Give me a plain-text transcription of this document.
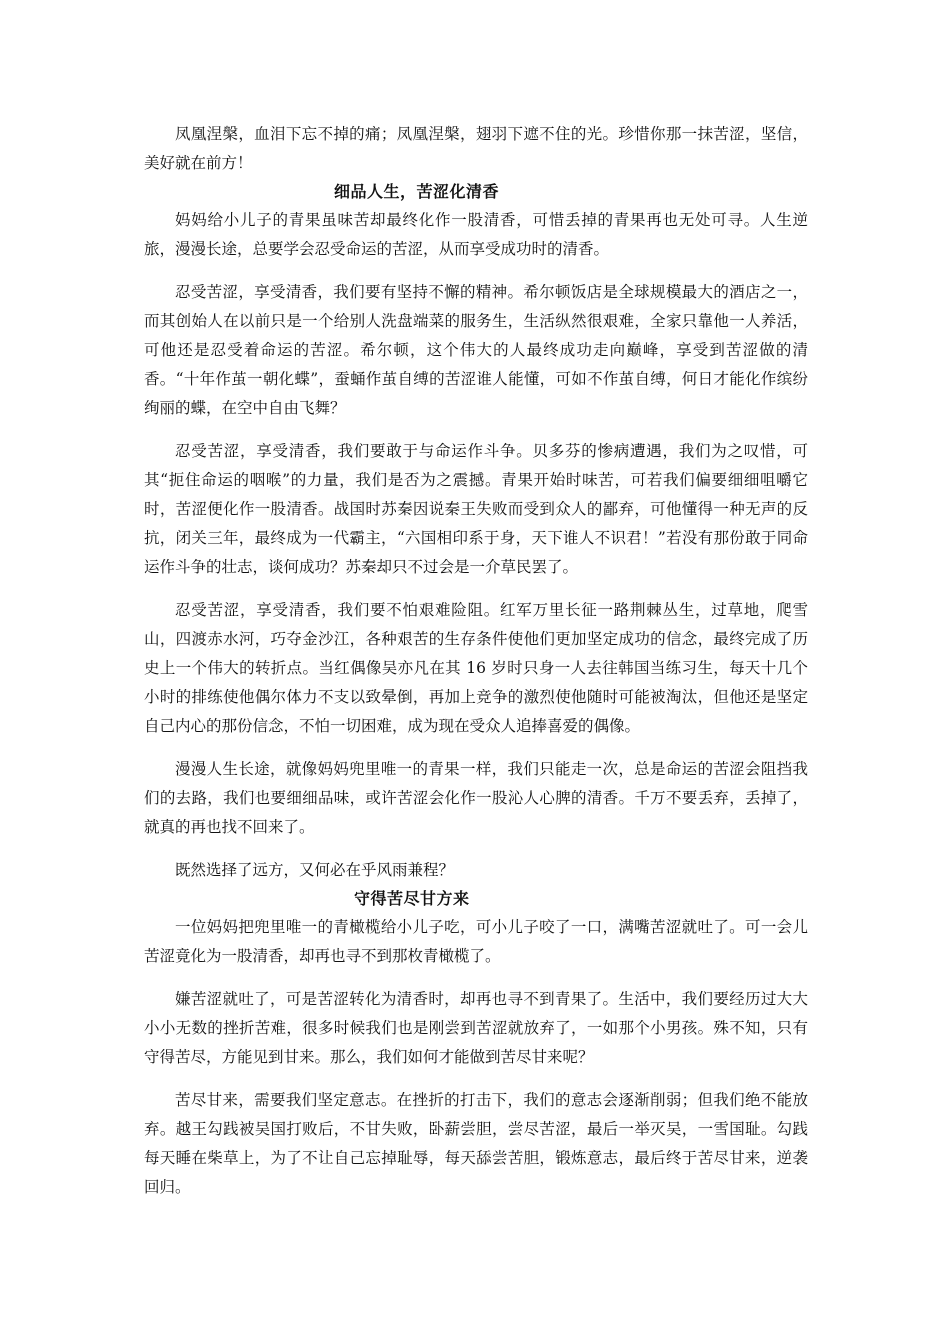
凤凰涅槃，血泪下忘不掉的痛；凤凰涅槃，翅羽下遮不住的光。珍惜你那一抹苦涩，坚信，美好就在前方！

细品人生，苦涩化清香

妈妈给小儿子的青果虽味苦却最终化作一股清香，可惜丢掉的青果再也无处可寻。人生逆旅，漫漫长途，总要学会忍受命运的苦涩，从而享受成功时的清香。

忍受苦涩，享受清香，我们要有坚持不懈的精神。希尔顿饭店是全球规模最大的酒店之一，而其创始人在以前只是一个给别人洗盘端菜的服务生，生活纵然很艰难，全家只靠他一人养活，可他还是忍受着命运的苦涩。希尔顿，这个伟大的人最终成功走向巅峰，享受到苦涩做的清香。“十年作茧一朝化蝶”，蚕蛹作茧自缚的苦涩谁人能懂，可如不作茧自缚，何日才能化作缤纷绚丽的蝶，在空中自由飞舞？

忍受苦涩，享受清香，我们要敢于与命运作斗争。贝多芬的惨病遭遇，我们为之叹惜，可其“扼住命运的咽喉”的力量，我们是否为之震撼。青果开始时味苦，可若我们偏要细细咀嚼它时，苦涩便化作一股清香。战国时苏秦因说秦王失败而受到众人的鄙弃，可他懂得一种无声的反抗，闭关三年，最终成为一代霸主，“六国相印系于身，天下谁人不识君！”若没有那份敢于同命运作斗争的壮志，谈何成功？苏秦却只不过会是一介草民罢了。

忍受苦涩，享受清香，我们要不怕艰难险阻。红军万里长征一路荆棘丛生，过草地，爬雪山，四渡赤水河，巧夺金沙江，各种艰苦的生存条件使他们更加坚定成功的信念，最终完成了历史上一个伟大的转折点。当红偶像吴亦凡在其 16 岁时只身一人去往韩国当练习生，每天十几个小时的排练使他偶尔体力不支以致晕倒，再加上竞争的激烈使他随时可能被淘汰，但他还是坚定自己内心的那份信念，不怕一切困难，成为现在受众人追捧喜爱的偶像。

漫漫人生长途，就像妈妈兜里唯一的青果一样，我们只能走一次，总是命运的苦涩会阻挡我们的去路，我们也要细细品味，或许苦涩会化作一股沁人心脾的清香。千万不要丢弃，丢掉了，就真的再也找不回来了。

既然选择了远方，又何必在乎风雨兼程？

守得苦尽甘方来

一位妈妈把兜里唯一的青橄榄给小儿子吃，可小儿子咬了一口，满嘴苦涩就吐了。可一会儿苦涩竟化为一股清香，却再也寻不到那枚青橄榄了。

嫌苦涩就吐了，可是苦涩转化为清香时，却再也寻不到青果了。生活中，我们要经历过大大小小无数的挫折苦难，很多时候我们也是刚尝到苦涩就放弃了，一如那个小男孩。殊不知，只有守得苦尽，方能见到甘来。那么，我们如何才能做到苦尽甘来呢？

苦尽甘来，需要我们坚定意志。在挫折的打击下，我们的意志会逐渐削弱；但我们绝不能放弃。越王勾践被吴国打败后，不甘失败，卧薪尝胆，尝尽苦涩，最后一举灭吴，一雪国耻。勾践每天睡在柴草上，为了不让自己忘掉耻辱，每天舔尝苦胆，锻炼意志，最后终于苦尽甘来，逆袭回归。
